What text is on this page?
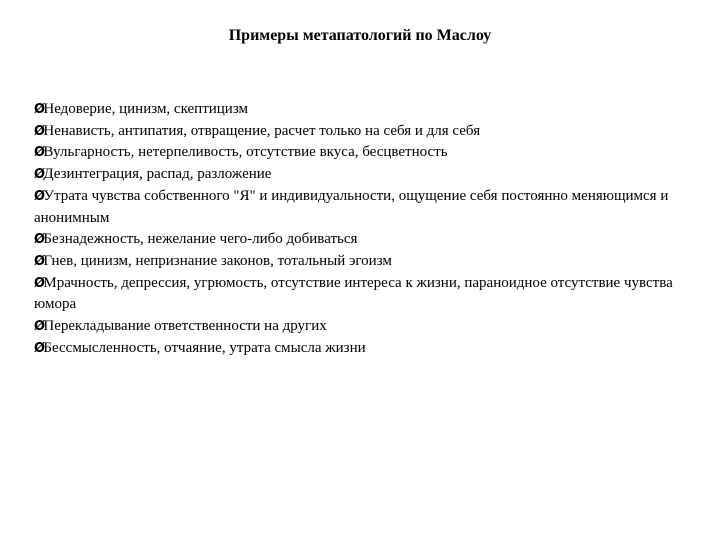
Примеры метапатологий по Маслоу
ØНедоверие, цинизм, скептицизм
ØНенависть, антипатия, отвращение, расчет только на себя и для себя
ØВульгарность, нетерпеливость, отсутствие вкуса, бесцветность
ØДезинтеграция, распад, разложение
ØУтрата чувства собственного "Я" и индивидуальности, ощущение себя постоянно меняющимся и анонимным
ØБезнадежность, нежелание чего-либо добиваться
ØГнев, цинизм, непризнание законов, тотальный эгоизм
ØМрачность, депрессия, угрюмость, отсутствие интереса к жизни, параноидное отсутствие чувства юмора
ØПерекладывание ответственности на других
ØБессмысленность, отчаяние, утрата смысла жизни
